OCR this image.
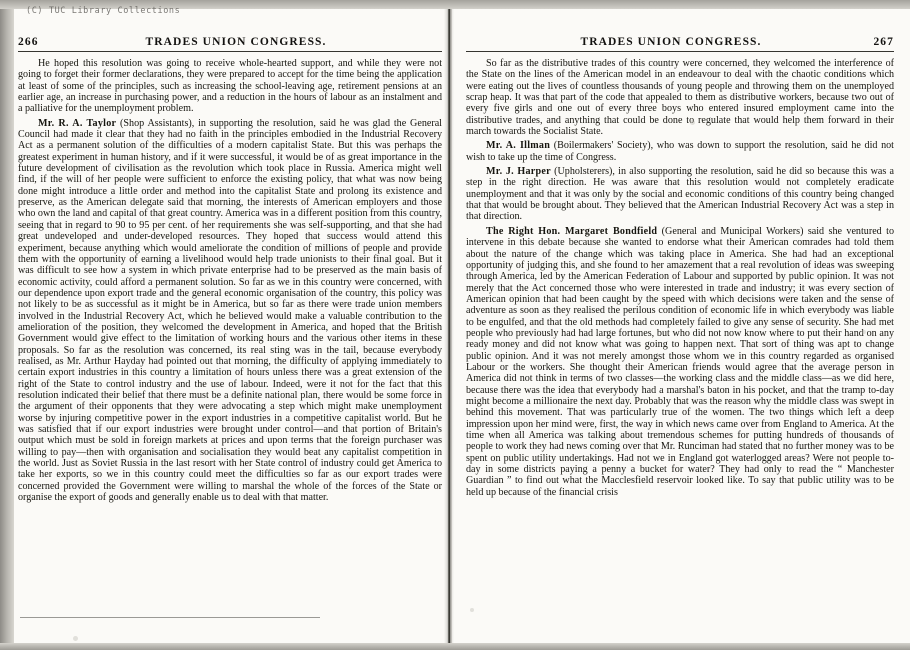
266	TRADES UNION CONGRESS.

He hoped this resolution was going to receive whole-hearted support, and while they were not going to forget their former declarations, they were prepared to accept for the time being the application at least of some of the principles, such as increasing the school-leaving age, retirement pensions at an earlier age, an increase in purchasing power, and a reduction in the hours of labour as an instalment and a palliative for the unemployment problem.

Mr. R. A. Taylor (Shop Assistants), in supporting the resolution, said he was glad the General Council had made it clear that they had no faith in the principles embodied in the Industrial Recovery Act as a permanent solution of the difficulties of a modern capitalist State. But this was perhaps the greatest experiment in human history, and if it were successful, it would be of as great importance in the future development of civilisation as the revolution which took place in Russia. America might well find, if the will of her people were sufficient to enforce the existing policy, that what was now being done might introduce a little order and method into the capitalist State and prolong its existence and preserve, as the American delegate said that morning, the interests of American employers and those who own the land and capital of that great country. America was in a different position from this country, seeing that in regard to 90 to 95 per cent. of her requirements she was self-supporting, and that she had great undeveloped and under-developed resources. They hoped that success would attend this experiment, because anything which would ameliorate the condition of millions of people and provide them with the opportunity of earning a livelihood would help trade unionists to their final goal. But it was difficult to see how a system in which private enterprise had to be preserved as the main basis of economic activity, could afford a permanent solution. So far as we in this country were concerned, with our dependence upon export trade and the general economic organisation of the country, this policy was not likely to be as successful as it might be in America, but so far as there were trade union members involved in the Industrial Recovery Act, which he believed would make a valuable contribution to the amelioration of the position, they welcomed the development in America, and hoped that the British Government would give effect to the limitation of working hours and the various other items in these proposals. So far as the resolution was concerned, its real sting was in the tail, because everybody realised, as Mr. Arthur Hayday had pointed out that morning, the difficulty of applying immediately to certain export industries in this country a limitation of hours unless there was a great extension of the right of the State to control industry and the use of labour. Indeed, were it not for the fact that this resolution indicated their belief that there must be a definite national plan, there would be some force in the argument of their opponents that they were advocating a step which might make unemployment worse by injuring competitive power in the export industries in a competitive capitalist world. But he was satisfied that if our export industries were brought under control—and that portion of Britain's output which must be sold in foreign markets at prices and upon terms that the foreign purchaser was willing to pay—then with organisation and socialisation they would beat any capitalist competition in the world. Just as Soviet Russia in the last resort with her State control of industry could get America to take her exports, so we in this country could meet the difficulties so far as our export trades were concerned provided the Government were willing to marshal the whole of the forces of the State or organise the export of goods and generally enable us to deal with that matter.

TRADES UNION CONGRESS.	267

So far as the distributive trades of this country were concerned, they welcomed the interference of the State on the lines of the American model in an endeavour to deal with the chaotic conditions which were eating out the lives of countless thousands of young people and throwing them on the unemployed scrap heap. It was that part of the code that appealed to them as distributive workers, because two out of every five girls and one out of every three boys who entered insured employment came into the distributive trades, and anything that could be done to regulate that would help them forward in their march towards the Socialist State.

Mr. A. Illman (Boilermakers' Society), who was down to support the resolution, said he did not wish to take up the time of Congress.

Mr. J. Harper (Upholsterers), in also supporting the resolution, said he did so because this was a step in the right direction. He was aware that this resolution would not completely eradicate unemployment and that it was only by the social and economic conditions of this country being changed that that would be brought about. They believed that the American Industrial Recovery Act was a step in that direction.

The Right Hon. Margaret Bondfield (General and Municipal Workers) said she ventured to intervene in this debate because she wanted to endorse what their American comrades had told them about the nature of the change which was taking place in America. She had had an exceptional opportunity of judging this, and she found to her amazement that a real revolution of ideas was sweeping through America, led by the American Federation of Labour and supported by public opinion. It was not merely that the Act concerned those who were interested in trade and industry; it was every section of American opinion that had been caught by the speed with which decisions were taken and the sense of adventure as soon as they realised the perilous condition of economic life in which everybody was liable to be engulfed, and that the old methods had completely failed to give any sense of security. She had met people who previously had had large fortunes, but who did not now know where to put their hand on any ready money and did not know what was going to happen next. That sort of thing was apt to change public opinion. And it was not merely amongst those whom we in this country regarded as organised Labour or the workers. She thought their American friends would agree that the average person in America did not think in terms of two classes—the working class and the middle class—as we did here, because there was the idea that everybody had a marshal's baton in his pocket, and that the tramp to-day might become a millionaire the next day. Probably that was the reason why the middle class was swept in behind this movement. That was particularly true of the women. The two things which left a deep impression upon her mind were, first, the way in which news came over from England to America. At the time when all America was talking about tremendous schemes for putting hundreds of thousands of people to work they had news coming over that Mr. Runciman had stated that no further money was to be spent on public utility undertakings. Had not we in England got waterlogged areas? Were not people to-day in some districts paying a penny a bucket for water? They had only to read the “ Manchester Guardian ” to find out what the Macclesfield reservoir looked like. To say that public utility was to be held up because of the financial crisis

(C) TUC Library Collections
